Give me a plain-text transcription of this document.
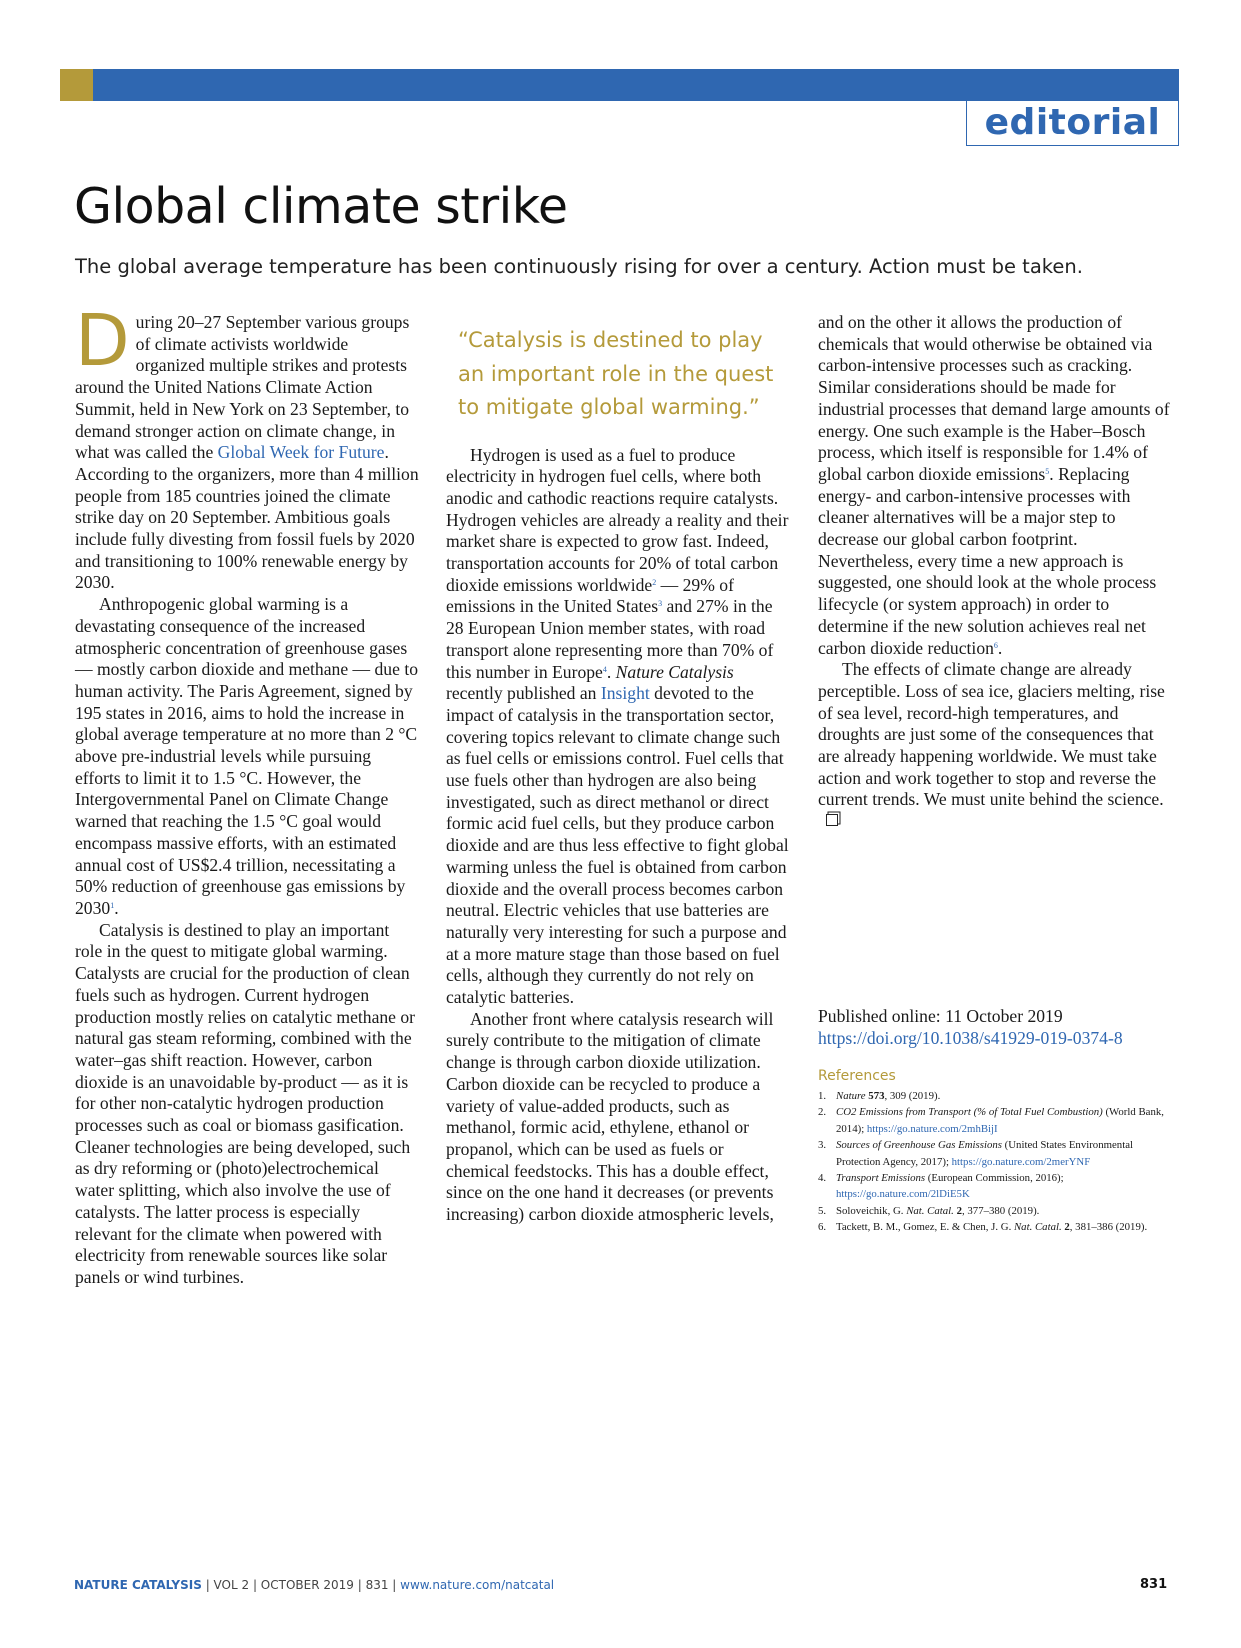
editorial
Global climate strike

The global average temperature has been continuously rising for over a century. Action must be taken.

During 20–27 September various groups of climate activists worldwide organized multiple strikes and protests around the United Nations Climate Action Summit, held in New York on 23 September, to demand stronger action on climate change, in what was called the Global Week for Future. According to the organizers, more than 4 million people from 185 countries joined the climate strike day on 20 September. Ambitious goals include fully divesting from fossil fuels by 2020 and transitioning to 100% renewable energy by 2030.

Anthropogenic global warming is a devastating consequence of the increased atmospheric concentration of greenhouse gases — mostly carbon dioxide and methane — due to human activity. The Paris Agreement, signed by 195 states in 2016, aims to hold the increase in global average temperature at no more than 2 °C above pre-industrial levels while pursuing efforts to limit it to 1.5 °C. However, the Intergovernmental Panel on Climate Change warned that reaching the 1.5 °C goal would encompass massive efforts, with an estimated annual cost of US$2.4 trillion, necessitating a 50% reduction of greenhouse gas emissions by 2030$^1$.

Catalysis is destined to play an important role in the quest to mitigate global warming. Catalysts are crucial for the production of clean fuels such as hydrogen. Current hydrogen production mostly relies on catalytic methane or natural gas steam reforming, combined with the water–gas shift reaction. However, carbon dioxide is an unavoidable by-product — as it is for other non-catalytic hydrogen production processes such as coal or biomass gasification. Cleaner technologies are being developed, such as dry reforming or (photo)electrochemical water splitting, which also involve the use of catalysts. The latter process is especially relevant for the climate when powered with electricity from renewable sources like solar panels or wind turbines.

“Catalysis is destined to play an important role in the quest to mitigate global warming.”

Hydrogen is used as a fuel to produce electricity in hydrogen fuel cells, where both anodic and cathodic reactions require catalysts. Hydrogen vehicles are already a reality and their market share is expected to grow fast. Indeed, transportation accounts for 20% of total carbon dioxide emissions worldwide$^2$ — 29% of emissions in the United States$^3$ and 27% in the 28 European Union member states, with road transport alone representing more than 70% of this number in Europe$^4$. Nature Catalysis recently published an Insight devoted to the impact of catalysis in the transportation sector, covering topics relevant to climate change such as fuel cells or emissions control. Fuel cells that use fuels other than hydrogen are also being investigated, such as direct methanol or direct formic acid fuel cells, but they produce carbon dioxide and are thus less effective to fight global warming unless the fuel is obtained from carbon dioxide and the overall process becomes carbon neutral. Electric vehicles that use batteries are naturally very interesting for such a purpose and at a more mature stage than those based on fuel cells, although they currently do not rely on catalytic batteries.

Another front where catalysis research will surely contribute to the mitigation of climate change is through carbon dioxide utilization. Carbon dioxide can be recycled to produce a variety of value-added products, such as methanol, formic acid, ethylene, ethanol or propanol, which can be used as fuels or chemical feedstocks. This has a double effect, since on the one hand it decreases (or prevents increasing) carbon dioxide atmospheric levels,

and on the other it allows the production of chemicals that would otherwise be obtained via carbon-intensive processes such as cracking. Similar considerations should be made for industrial processes that demand large amounts of energy. One such example is the Haber–Bosch process, which itself is responsible for 1.4% of global carbon dioxide emissions$^5$. Replacing energy- and carbon-intensive processes with cleaner alternatives will be a major step to decrease our global carbon footprint. Nevertheless, every time a new approach is suggested, one should look at the whole process lifecycle (or system approach) in order to determine if the new solution achieves real net carbon dioxide reduction$^6$.

The effects of climate change are already perceptible. Loss of sea ice, glaciers melting, rise of sea level, record-high temperatures, and droughts are just some of the consequences that are already happening worldwide. We must take action and work together to stop and reverse the current trends. We must unite behind the science.

Published online: 11 October 2019

https://doi.org/10.1038/s41929-019-0374-8

References
1. Nature 573, 309 (2019).
2. CO2 Emissions from Transport (% of Total Fuel Combustion) (World Bank, 2014); https://go.nature.com/2mhBijI
3. Sources of Greenhouse Gas Emissions (United States Environmental Protection Agency, 2017); https://go.nature.com/2merYNF
4. Transport Emissions (European Commission, 2016); https://go.nature.com/2lDiE5K
5. Soloveichik, G. Nat. Catal. 2, 377–380 (2019).
6. Tackett, B. M., Gomez, E. & Chen, J. G. Nat. Catal. 2, 381–386 (2019).
NATURE CATALYSIS | VOL 2 | OCTOBER 2019 | 831 | www.nature.com/natcatal	831
